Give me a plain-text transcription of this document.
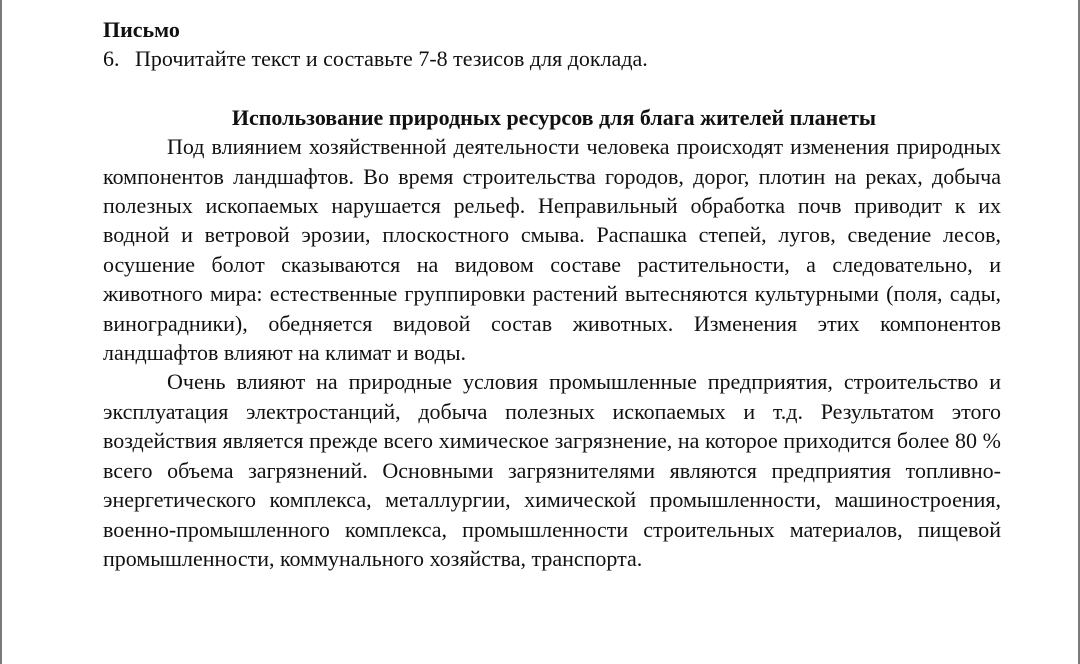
Письмо

6. Прочитайте текст и составьте 7-8 тезисов для доклада.

Использование природных ресурсов для блага жителей планеты

Под влиянием хозяйственной деятельности человека происходят изменения природных компонентов ландшафтов. Во время строительства городов, дорог, плотин на реках, добыча полезных ископаемых нарушается рельеф. Неправильный обработка почв приводит к их водной и ветровой эрозии, плоскостного смыва. Распашка степей, лугов, сведение лесов, осушение болот сказываются на видовом составе растительности, а следовательно, и животного мира: естественные группировки растений вытесняются культурными (поля, сады, виноградники), обедняется видовой состав животных. Изменения этих компонентов ландшафтов влияют на климат и воды.

Очень влияют на природные условия промышленные предприятия, строительство и эксплуатация электростанций, добыча полезных ископаемых и т.д. Результатом этого воздействия является прежде всего химическое загрязнение, на которое приходится более 80 % всего объема загрязнений. Основными загрязнителями являются предприятия топливно-энергетического комплекса, металлургии, химической промышленности, машиностроения, военно-промышленного комплекса, промышленности строительных материалов, пищевой промышленности, коммунального хозяйства, транспорта.
